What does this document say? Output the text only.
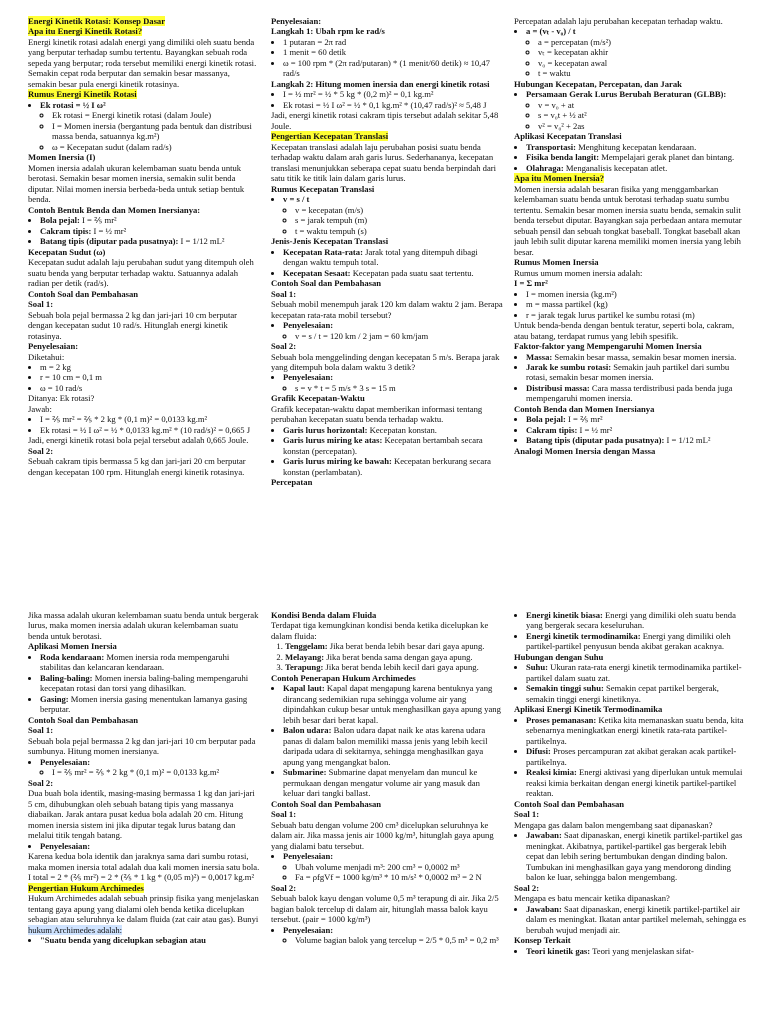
Energi Kinetik Rotasi: Konsep Dasar

Apa itu Energi Kinetik Rotasi?

Energi kinetik rotasi adalah energi yang dimiliki oleh suatu benda yang berputar terhadap sumbu tertentu. Bayangkan sebuah roda sepeda yang berputar; roda tersebut memiliki energi kinetik rotasi. Semakin cepat roda berputar dan semakin besar massanya, semakin besar pula energi kinetik rotasinya.

Rumus Energi Kinetik Rotasi

• Ek rotasi = ½ I ω²
◦ Ek rotasi = Energi kinetik rotasi (dalam Joule)
◦ I = Momen inersia (bergantung pada bentuk dan distribusi massa benda, satuannya kg.m²)
◦ ω = Kecepatan sudut (dalam rad/s)

Momen Inersia (I)

Momen inersia adalah ukuran kelembaman suatu benda untuk berotasi. Semakin besar momen inersia, semakin sulit benda diputar. Nilai momen inersia berbeda-beda untuk setiap bentuk benda.

Contoh Bentuk Benda dan Momen Inersianya:

• Bola pejal: I = ⅖ mr²
• Cakram tipis: I = ½ mr²
• Batang tipis (diputar pada pusatnya): I = 1/12 mL²

Kecepatan Sudut (ω)

Kecepatan sudut adalah laju perubahan sudut yang ditempuh oleh suatu benda yang berputar terhadap waktu. Satuannya adalah radian per detik (rad/s).

Contoh Soal dan Pembahasan

Soal 1:

Sebuah bola pejal bermassa 2 kg dan jari-jari 10 cm berputar dengan kecepatan sudut 10 rad/s. Hitunglah energi kinetik rotasinya.

Penyelesaian:

Diketahui:

• m = 2 kg
• r = 10 cm = 0,1 m
• ω = 10 rad/s

Ditanya: Ek rotasi?

Jawab:

• I = ⅖ mr² = ⅖ * 2 kg * (0,1 m)² = 0,0133 kg.m²
• Ek rotasi = ½ I ω² = ½ * 0,0133 kg.m² * (10 rad/s)² = 0,665 J

Jadi, energi kinetik rotasi bola pejal tersebut adalah 0,665 Joule.

Soal 2:

Sebuah cakram tipis bermassa 5 kg dan jari-jari 20 cm berputar dengan kecepatan 100 rpm. Hitunglah energi kinetik rotasinya.

Penyelesaian:

Langkah 1: Ubah rpm ke rad/s

• 1 putaran = 2π rad
• 1 menit = 60 detik
• ω = 100 rpm * (2π rad/putaran) * (1 menit/60 detik) ≈ 10,47 rad/s

Langkah 2: Hitung momen inersia dan energi kinetik rotasi

• I = ½ mr² = ½ * 5 kg * (0,2 m)² = 0,1 kg.m²
• Ek rotasi = ½ I ω² = ½ * 0,1 kg.m² * (10,47 rad/s)² ≈ 5,48 J

Jadi, energi kinetik rotasi cakram tipis tersebut adalah sekitar 5,48 Joule.

Pengertian Kecepatan Translasi

Kecepatan translasi adalah laju perubahan posisi suatu benda terhadap waktu dalam arah garis lurus. Sederhananya, kecepatan translasi menunjukkan seberapa cepat suatu benda berpindah dari satu titik ke titik lain dalam garis lurus.

Rumus Kecepatan Translasi

• v = s / t
◦ v = kecepatan (m/s)
◦ s = jarak tempuh (m)
◦ t = waktu tempuh (s)

Jenis-Jenis Kecepatan Translasi

• Kecepatan Rata-rata: Jarak total yang ditempuh dibagi dengan waktu tempuh total.
• Kecepatan Sesaat: Kecepatan pada suatu saat tertentu.

Contoh Soal dan Pembahasan

Soal 1:

Sebuah mobil menempuh jarak 120 km dalam waktu 2 jam. Berapa kecepatan rata-rata mobil tersebut?

• Penyelesaian:
◦ v = s / t = 120 km / 2 jam = 60 km/jam

Soal 2:

Sebuah bola menggelinding dengan kecepatan 5 m/s. Berapa jarak yang ditempuh bola dalam waktu 3 detik?

• Penyelesaian:
◦ s = v * t = 5 m/s * 3 s = 15 m

Grafik Kecepatan-Waktu

Grafik kecepatan-waktu dapat memberikan informasi tentang perubahan kecepatan suatu benda terhadap waktu.

• Garis lurus horizontal: Kecepatan konstan.
• Garis lurus miring ke atas: Kecepatan bertambah secara konstan (percepatan).
• Garis lurus miring ke bawah: Kecepatan berkurang secara konstan (perlambatan).

Percepatan

Percepatan adalah laju perubahan kecepatan terhadap waktu.

• a = (vₜ - v₀) / t
◦ a = percepatan (m/s²)
◦ vₜ = kecepatan akhir
◦ v₀ = kecepatan awal
◦ t = waktu

Hubungan Kecepatan, Percepatan, dan Jarak

• Persamaan Gerak Lurus Berubah Beraturan (GLBB):
◦ v = v₀ + at
◦ s = v₀t + ½ at²
◦ v² = v₀² + 2as

Aplikasi Kecepatan Translasi

• Transportasi: Menghitung kecepatan kendaraan.
• Fisika benda langit: Mempelajari gerak planet dan bintang.
• Olahraga: Menganalisis kecepatan atlet.

Apa itu Momen Inersia?

Momen inersia adalah besaran fisika yang menggambarkan kelembaman suatu benda untuk berotasi terhadap suatu sumbu tertentu. Semakin besar momen inersia suatu benda, semakin sulit benda tersebut diputar. Bayangkan saja perbedaan antara memutar sebuah pensil dan sebuah tongkat baseball. Tongkat baseball akan jauh lebih sulit diputar karena memiliki momen inersia yang lebih besar.

Rumus Momen Inersia

Rumus umum momen inersia adalah:

I = Σ mr²

• I = momen inersia (kg.m²)
• m = massa partikel (kg)
• r = jarak tegak lurus partikel ke sumbu rotasi (m)

Untuk benda-benda dengan bentuk teratur, seperti bola, cakram, atau batang, terdapat rumus yang lebih spesifik.

Faktor-faktor yang Mempengaruhi Momen Inersia

• Massa: Semakin besar massa, semakin besar momen inersia.
• Jarak ke sumbu rotasi: Semakin jauh partikel dari sumbu rotasi, semakin besar momen inersia.
• Distribusi massa: Cara massa terdistribusi pada benda juga mempengaruhi momen inersia.

Contoh Benda dan Momen Inersianya

• Bola pejal: I = ⅖ mr²
• Cakram tipis: I = ½ mr²
• Batang tipis (diputar pada pusatnya): I = 1/12 mL²

Analogi Momen Inersia dengan Massa

Jika massa adalah ukuran kelembaman suatu benda untuk bergerak lurus, maka momen inersia adalah ukuran kelembaman suatu benda untuk berotasi.

Aplikasi Momen Inersia

• Roda kendaraan: Momen inersia roda mempengaruhi stabilitas dan kelancaran kendaraan.
• Baling-baling: Momen inersia baling-baling mempengaruhi kecepatan rotasi dan torsi yang dihasilkan.
• Gasing: Momen inersia gasing menentukan lamanya gasing berputar.

Contoh Soal dan Pembahasan

Soal 1:

Sebuah bola pejal bermassa 2 kg dan jari-jari 10 cm berputar pada sumbunya. Hitung momen inersianya.

• Penyelesaian:
◦ I = ⅖ mr² = ⅖ * 2 kg * (0,1 m)² = 0,0133 kg.m²

Soal 2:

Dua buah bola identik, masing-masing bermassa 1 kg dan jari-jari 5 cm, dihubungkan oleh sebuah batang tipis yang massanya diabaikan. Jarak antara pusat kedua bola adalah 20 cm. Hitung momen inersia sistem ini jika diputar tegak lurus batang dan melalui titik tengah batang.

• Penyelesaian:

Karena kedua bola identik dan jaraknya sama dari sumbu rotasi, maka momen inersia total adalah dua kali momen inersia satu bola.

I total = 2 * (⅖ mr²) = 2 * (⅖ * 1 kg * (0,05 m)²) = 0,0017 kg.m²

Pengertian Hukum Archimedes

Hukum Archimedes adalah sebuah prinsip fisika yang menjelaskan tentang gaya apung yang dialami oleh benda ketika dicelupkan sebagian atau seluruhnya ke dalam fluida (zat cair atau gas). Bunyi hukum Archimedes adalah:

• "Suatu benda yang dicelupkan sebagian atau

Kondisi Benda dalam Fluida

Terdapat tiga kemungkinan kondisi benda ketika dicelupkan ke dalam fluida:

1. Tenggelam: Jika berat benda lebih besar dari gaya apung.
2. Melayang: Jika berat benda sama dengan gaya apung.
3. Terapung: Jika berat benda lebih kecil dari gaya apung.

Contoh Penerapan Hukum Archimedes

• Kapal laut: Kapal dapat mengapung karena bentuknya yang dirancang sedemikian rupa sehingga volume air yang dipindahkan cukup besar untuk menghasilkan gaya apung yang lebih besar dari berat kapal.
• Balon udara: Balon udara dapat naik ke atas karena udara panas di dalam balon memiliki massa jenis yang lebih kecil daripada udara di sekitarnya, sehingga menghasilkan gaya apung yang mengangkat balon.
• Submarine: Submarine dapat menyelam dan muncul ke permukaan dengan mengatur volume air yang masuk dan keluar dari tangki ballast.

Contoh Soal dan Pembahasan

Soal 1:

Sebuah batu dengan volume 200 cm³ dicelupkan seluruhnya ke dalam air. Jika massa jenis air 1000 kg/m³, hitunglah gaya apung yang dialami batu tersebut.

• Penyelesaian:
◦ Ubah volume menjadi m³: 200 cm³ = 0,0002 m³
◦ Fa = ρfgVf = 1000 kg/m³ * 10 m/s² * 0,0002 m³ = 2 N

Soal 2:

Sebuah balok kayu dengan volume 0,5 m³ terapung di air. Jika 2/5 bagian balok tercelup di dalam air, hitunglah massa balok kayu tersebut. (ρair = 1000 kg/m³)

• Penyelesaian:
◦ Volume bagian balok yang tercelup = 2/5 * 0,5 m³ = 0,2 m³
• Energi kinetik biasa: Energi yang dimiliki oleh suatu benda yang bergerak secara keseluruhan.
• Energi kinetik termodinamika: Energi yang dimiliki oleh partikel-partikel penyusun benda akibat gerakan acaknya.

Hubungan dengan Suhu

• Suhu: Ukuran rata-rata energi kinetik termodinamika partikel-partikel dalam suatu zat.
• Semakin tinggi suhu: Semakin cepat partikel bergerak, semakin tinggi energi kinetiknya.

Aplikasi Energi Kinetik Termodinamika

• Proses pemanasan: Ketika kita memanaskan suatu benda, kita sebenarnya meningkatkan energi kinetik rata-rata partikel-partikelnya.
• Difusi: Proses percampuran zat akibat gerakan acak partikel-partikelnya.
• Reaksi kimia: Energi aktivasi yang diperlukan untuk memulai reaksi kimia berkaitan dengan energi kinetik partikel-partikel reaktan.

Contoh Soal dan Pembahasan

Soal 1:

Mengapa gas dalam balon mengembang saat dipanaskan?

• Jawaban: Saat dipanaskan, energi kinetik partikel-partikel gas meningkat. Akibatnya, partikel-partikel gas bergerak lebih cepat dan lebih sering bertumbukan dengan dinding balon. Tumbukan ini menghasilkan gaya yang mendorong dinding balon ke luar, sehingga balon mengembang.

Soal 2:

Mengapa es batu mencair ketika dipanaskan?

• Jawaban: Saat dipanaskan, energi kinetik partikel-partikel air dalam es meningkat. Ikatan antar partikel melemah, sehingga es berubah wujud menjadi air.

Konsep Terkait

• Teori kinetik gas: Teori yang menjelaskan sifat-
